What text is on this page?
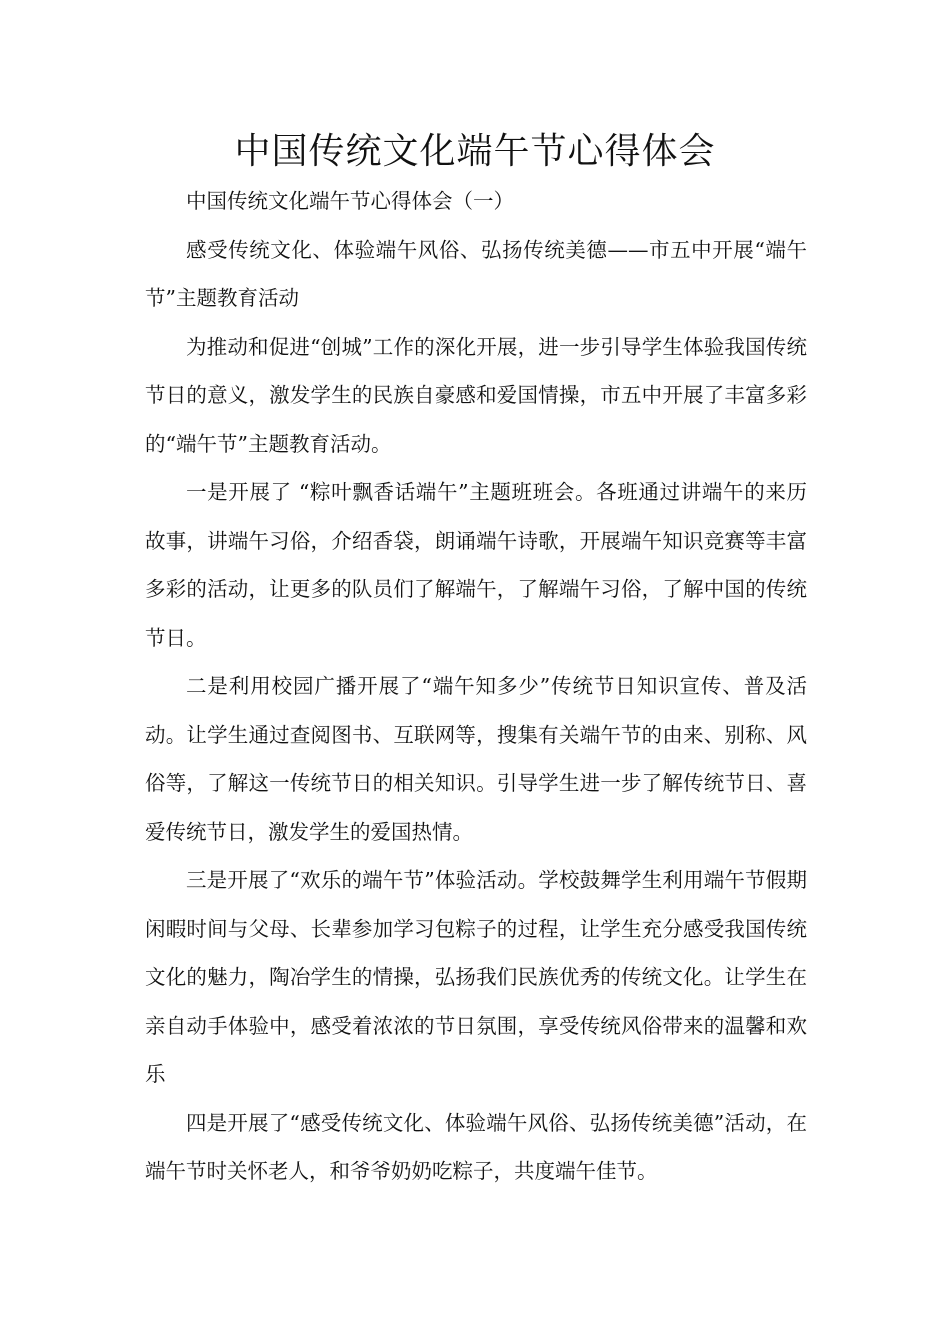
中国传统文化端午节心得体会

中国传统文化端午节心得体会（一）

感受传统文化、体验端午风俗、弘扬传统美德——市五中开展“端午节”主题教育活动

为推动和促进“创城”工作的深化开展，进一步引导学生体验我国传统节日的意义，激发学生的民族自豪感和爱国情操，市五中开展了丰富多彩的“端午节”主题教育活动。

一是开展了 “粽叶飘香话端午”主题班班会。各班通过讲端午的来历故事，讲端午习俗，介绍香袋，朗诵端午诗歌，开展端午知识竞赛等丰富多彩的活动，让更多的队员们了解端午，了解端午习俗，了解中国的传统节日。

二是利用校园广播开展了“端午知多少”传统节日知识宣传、普及活动。让学生通过查阅图书、互联网等，搜集有关端午节的由来、别称、风俗等，了解这一传统节日的相关知识。引导学生进一步了解传统节日、喜爱传统节日，激发学生的爱国热情。

三是开展了“欢乐的端午节”体验活动。学校鼓舞学生利用端午节假期闲暇时间与父母、长辈参加学习包粽子的过程，让学生充分感受我国传统文化的魅力，陶冶学生的情操，弘扬我们民族优秀的传统文化。让学生在亲自动手体验中，感受着浓浓的节日氛围，享受传统风俗带来的温馨和欢乐

四是开展了“感受传统文化、体验端午风俗、弘扬传统美德”活动，在端午节时关怀老人，和爷爷奶奶吃粽子，共度端午佳节。
